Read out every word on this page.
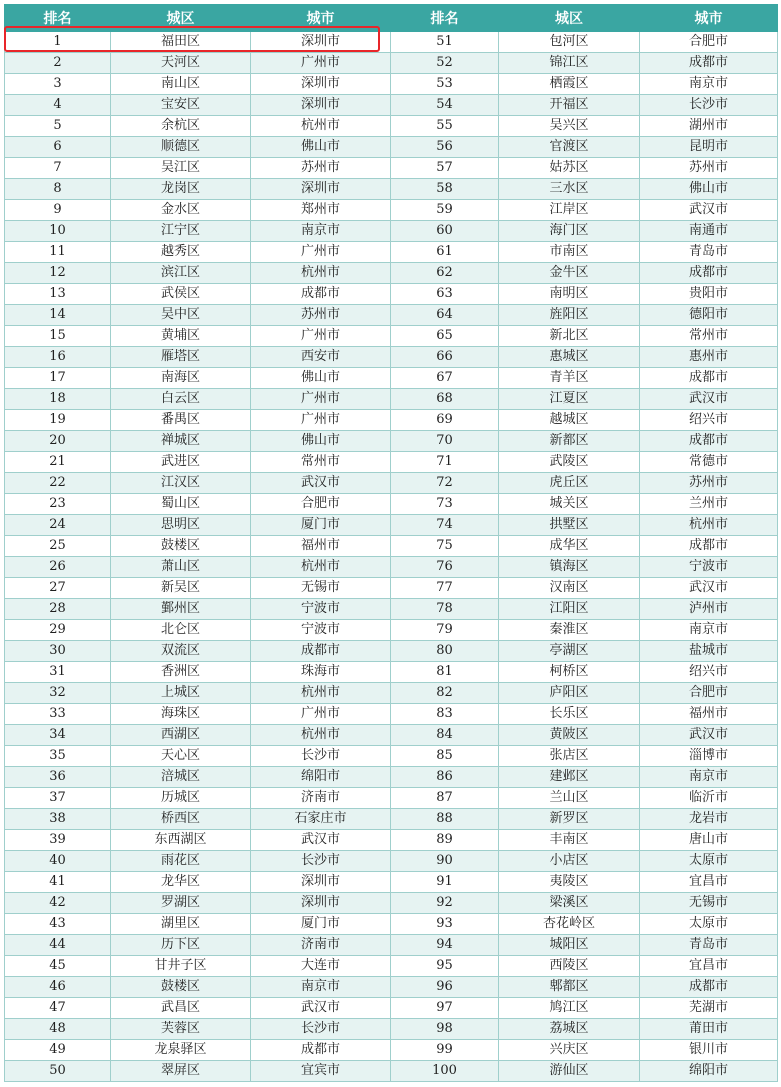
排名	城区	城市	排名	城区	城市
1	福田区	深圳市	51	包河区	合肥市
2	天河区	广州市	52	锦江区	成都市
3	南山区	深圳市	53	栖霞区	南京市
4	宝安区	深圳市	54	开福区	长沙市
5	余杭区	杭州市	55	吴兴区	湖州市
6	顺德区	佛山市	56	官渡区	昆明市
7	吴江区	苏州市	57	姑苏区	苏州市
8	龙岗区	深圳市	58	三水区	佛山市
9	金水区	郑州市	59	江岸区	武汉市
10	江宁区	南京市	60	海门区	南通市
11	越秀区	广州市	61	市南区	青岛市
12	滨江区	杭州市	62	金牛区	成都市
13	武侯区	成都市	63	南明区	贵阳市
14	吴中区	苏州市	64	旌阳区	德阳市
15	黄埔区	广州市	65	新北区	常州市
16	雁塔区	西安市	66	惠城区	惠州市
17	南海区	佛山市	67	青羊区	成都市
18	白云区	广州市	68	江夏区	武汉市
19	番禺区	广州市	69	越城区	绍兴市
20	禅城区	佛山市	70	新都区	成都市
21	武进区	常州市	71	武陵区	常德市
22	江汉区	武汉市	72	虎丘区	苏州市
23	蜀山区	合肥市	73	城关区	兰州市
24	思明区	厦门市	74	拱墅区	杭州市
25	鼓楼区	福州市	75	成华区	成都市
26	萧山区	杭州市	76	镇海区	宁波市
27	新吴区	无锡市	77	汉南区	武汉市
28	鄞州区	宁波市	78	江阳区	泸州市
29	北仑区	宁波市	79	秦淮区	南京市
30	双流区	成都市	80	亭湖区	盐城市
31	香洲区	珠海市	81	柯桥区	绍兴市
32	上城区	杭州市	82	庐阳区	合肥市
33	海珠区	广州市	83	长乐区	福州市
34	西湖区	杭州市	84	黄陂区	武汉市
35	天心区	长沙市	85	张店区	淄博市
36	涪城区	绵阳市	86	建邺区	南京市
37	历城区	济南市	87	兰山区	临沂市
38	桥西区	石家庄市	88	新罗区	龙岩市
39	东西湖区	武汉市	89	丰南区	唐山市
40	雨花区	长沙市	90	小店区	太原市
41	龙华区	深圳市	91	夷陵区	宜昌市
42	罗湖区	深圳市	92	梁溪区	无锡市
43	湖里区	厦门市	93	杏花岭区	太原市
44	历下区	济南市	94	城阳区	青岛市
45	甘井子区	大连市	95	西陵区	宜昌市
46	鼓楼区	南京市	96	郫都区	成都市
47	武昌区	武汉市	97	鸠江区	芜湖市
48	芙蓉区	长沙市	98	荔城区	莆田市
49	龙泉驿区	成都市	99	兴庆区	银川市
50	翠屏区	宜宾市	100	游仙区	绵阳市
